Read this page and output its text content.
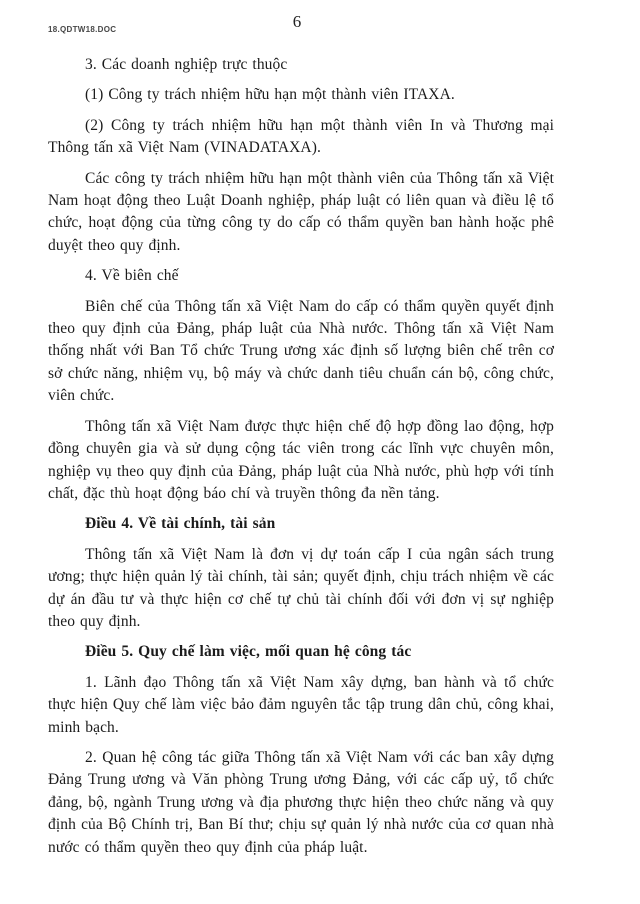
18.QDTW18.DOC	6

3. Các doanh nghiệp trực thuộc

(1) Công ty trách nhiệm hữu hạn một thành viên ITAXA.

(2) Công ty trách nhiệm hữu hạn một thành viên In và Thương mại Thông tấn xã Việt Nam (VINADATAXA).

Các công ty trách nhiệm hữu hạn một thành viên của Thông tấn xã Việt Nam hoạt động theo Luật Doanh nghiệp, pháp luật có liên quan và điều lệ tổ chức, hoạt động của từng công ty do cấp có thẩm quyền ban hành hoặc phê duyệt theo quy định.

4. Về biên chế

Biên chế của Thông tấn xã Việt Nam do cấp có thẩm quyền quyết định theo quy định của Đảng, pháp luật của Nhà nước. Thông tấn xã Việt Nam thống nhất với Ban Tổ chức Trung ương xác định số lượng biên chế trên cơ sở chức năng, nhiệm vụ, bộ máy và chức danh tiêu chuẩn cán bộ, công chức, viên chức.

Thông tấn xã Việt Nam được thực hiện chế độ hợp đồng lao động, hợp đồng chuyên gia và sử dụng cộng tác viên trong các lĩnh vực chuyên môn, nghiệp vụ theo quy định của Đảng, pháp luật của Nhà nước, phù hợp với tính chất, đặc thù hoạt động báo chí và truyền thông đa nền tảng.

Điều 4. Về tài chính, tài sản

Thông tấn xã Việt Nam là đơn vị dự toán cấp I của ngân sách trung ương; thực hiện quản lý tài chính, tài sản; quyết định, chịu trách nhiệm về các dự án đầu tư và thực hiện cơ chế tự chủ tài chính đối với đơn vị sự nghiệp theo quy định.

Điều 5. Quy chế làm việc, mối quan hệ công tác

1. Lãnh đạo Thông tấn xã Việt Nam xây dựng, ban hành và tổ chức thực hiện Quy chế làm việc bảo đảm nguyên tắc tập trung dân chủ, công khai, minh bạch.

2. Quan hệ công tác giữa Thông tấn xã Việt Nam với các ban xây dựng Đảng Trung ương và Văn phòng Trung ương Đảng, với các cấp uỷ, tổ chức đảng, bộ, ngành Trung ương và địa phương thực hiện theo chức năng và quy định của Bộ Chính trị, Ban Bí thư; chịu sự quản lý nhà nước của cơ quan nhà nước có thẩm quyền theo quy định của pháp luật.
